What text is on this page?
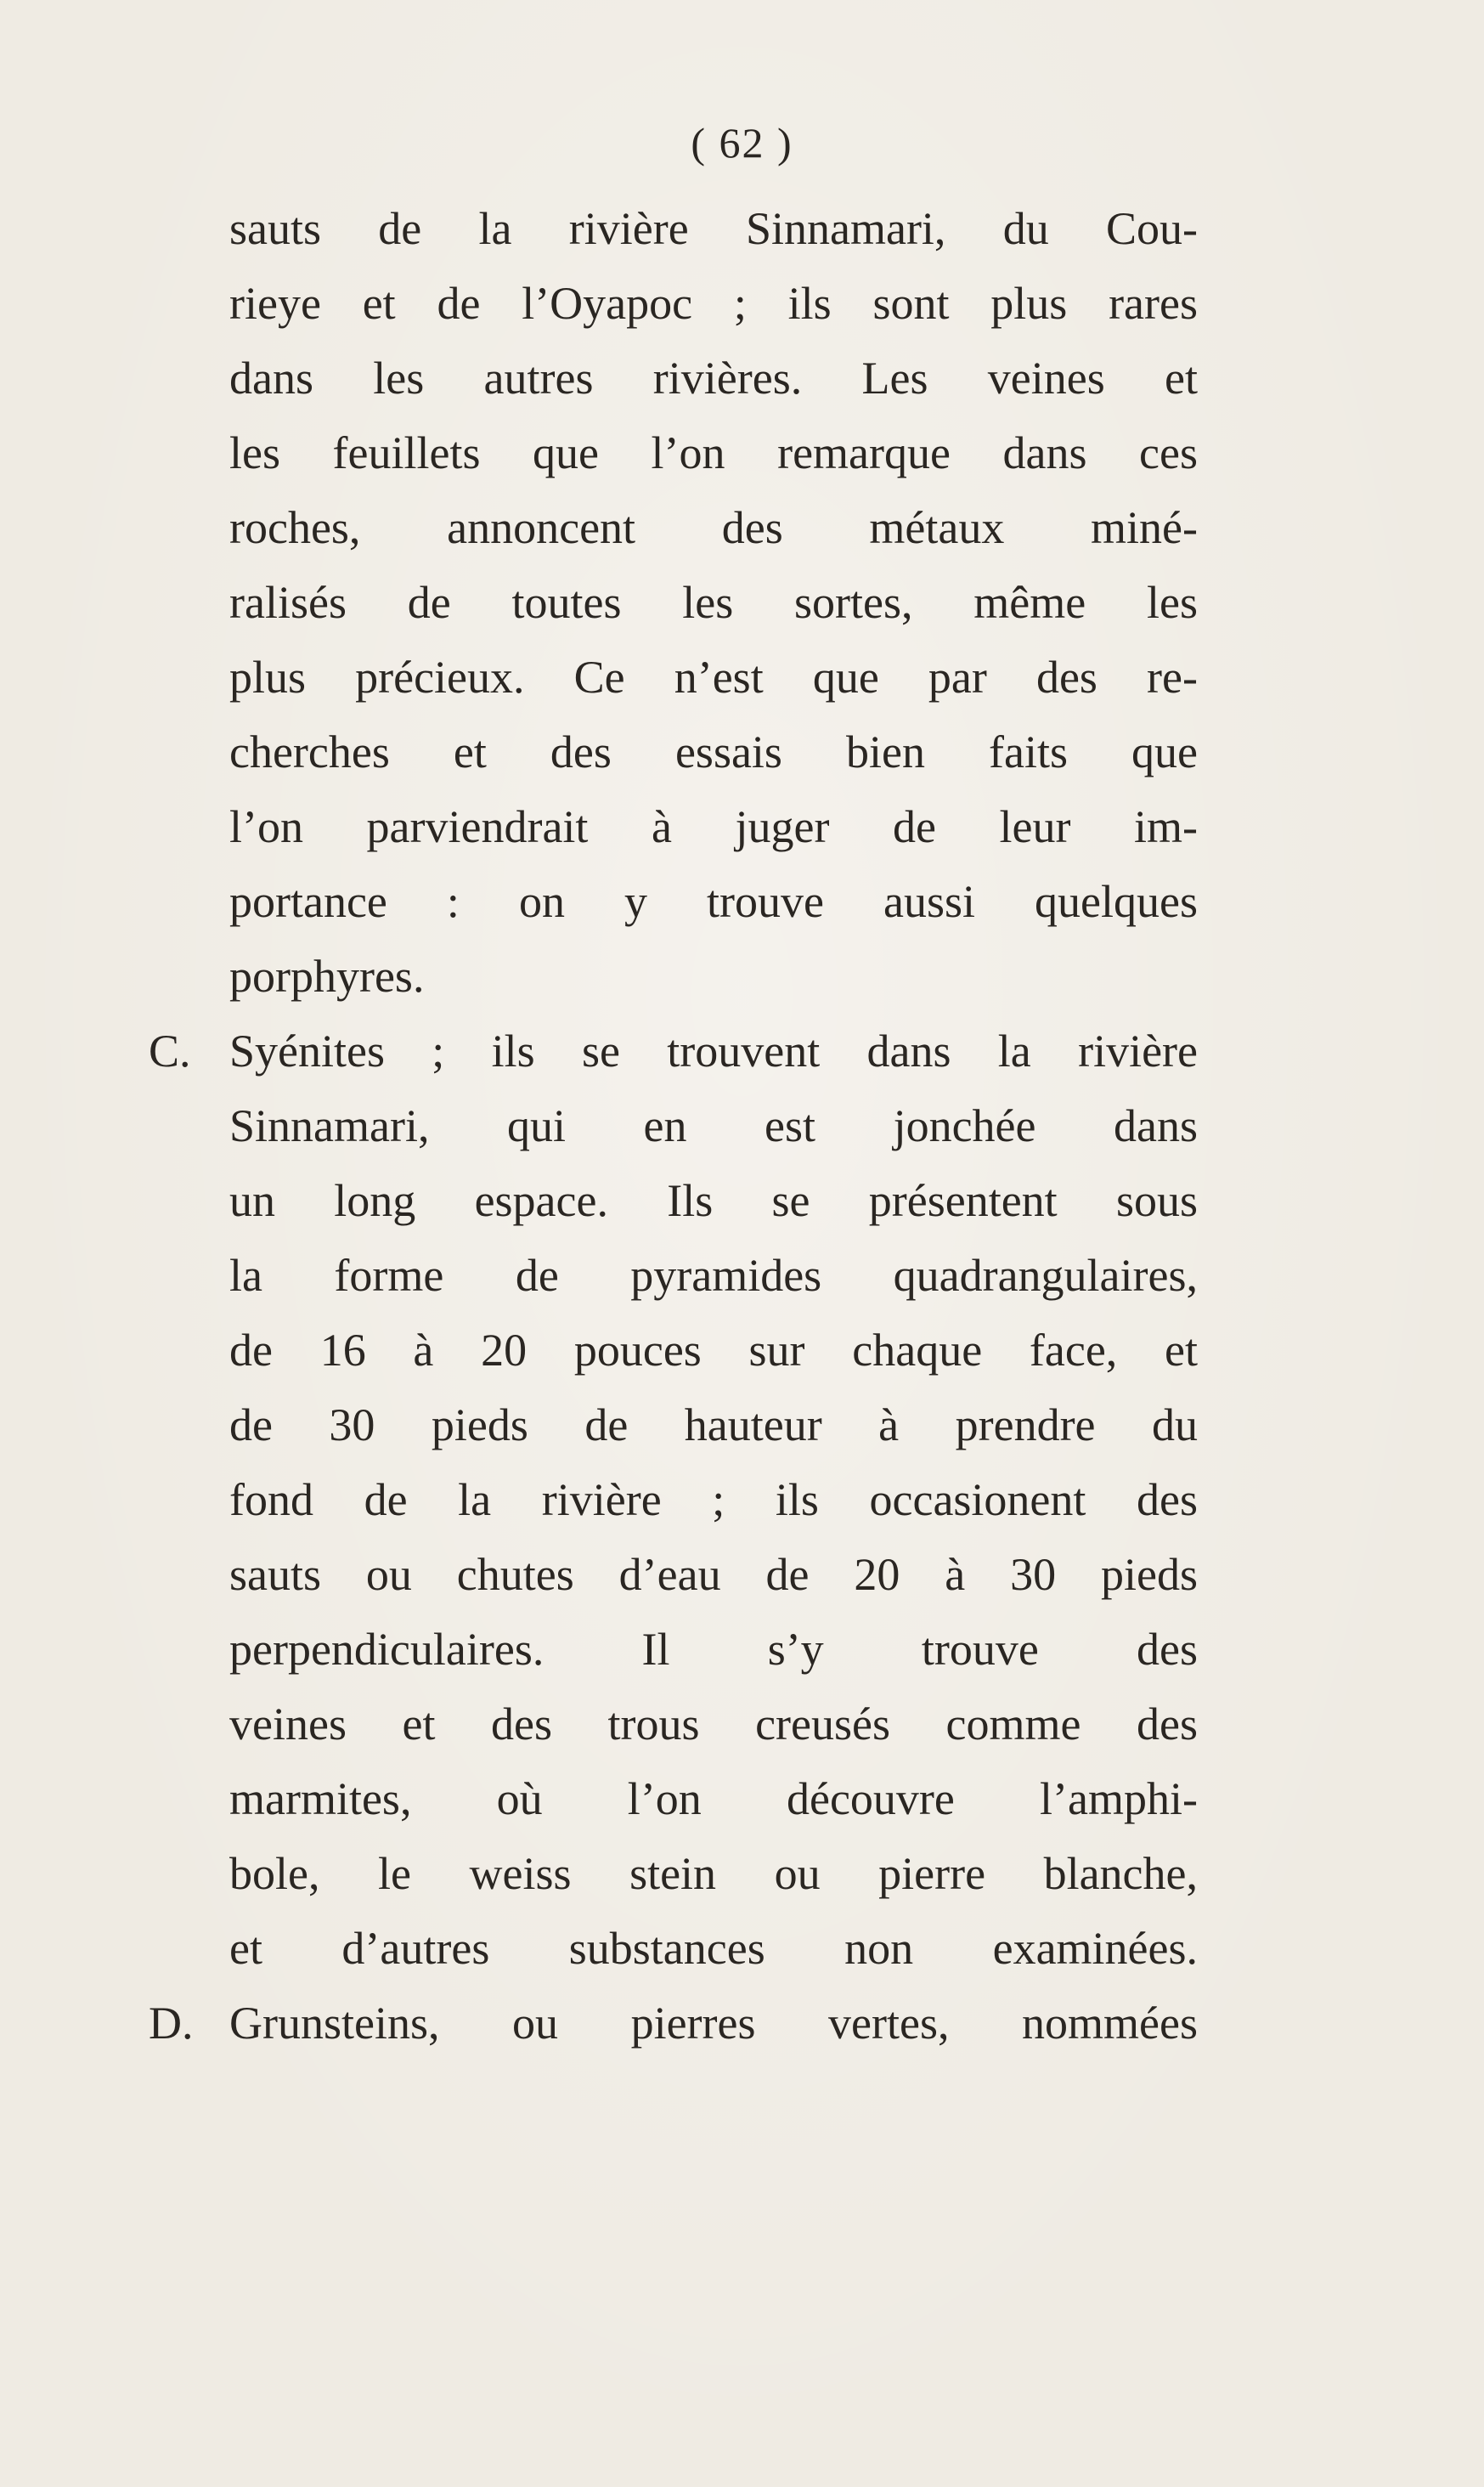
( 62 )
sauts de la rivière Sinnamari, du Cou-
rieye et de l’Oyapoc ; ils sont plus rares
dans les autres rivières. Les veines et
les feuillets que l’on remarque dans ces
roches, annoncent des métaux miné-
ralisés de toutes les sortes, même les
plus précieux. Ce n’est que par des re-
cherches et des essais bien faits que
l’on parviendrait à juger de leur im-
portance : on y trouve aussi quelques
porphyres.
C. Syénites ; ils se trouvent dans la rivière
Sinnamari, qui en est jonchée dans
un long espace. Ils se présentent sous
la forme de pyramides quadrangulaires,
de 16 à 20 pouces sur chaque face, et
de 30 pieds de hauteur à prendre du
fond de la rivière ; ils occasionent des
sauts ou chutes d’eau de 20 à 30 pieds
perpendiculaires. Il s’y trouve des
veines et des trous creusés comme des
marmites, où l’on découvre l’amphi-
bole, le weiss stein ou pierre blanche,
et d’autres substances non examinées.
D. Grunsteins, ou pierres vertes, nommées
